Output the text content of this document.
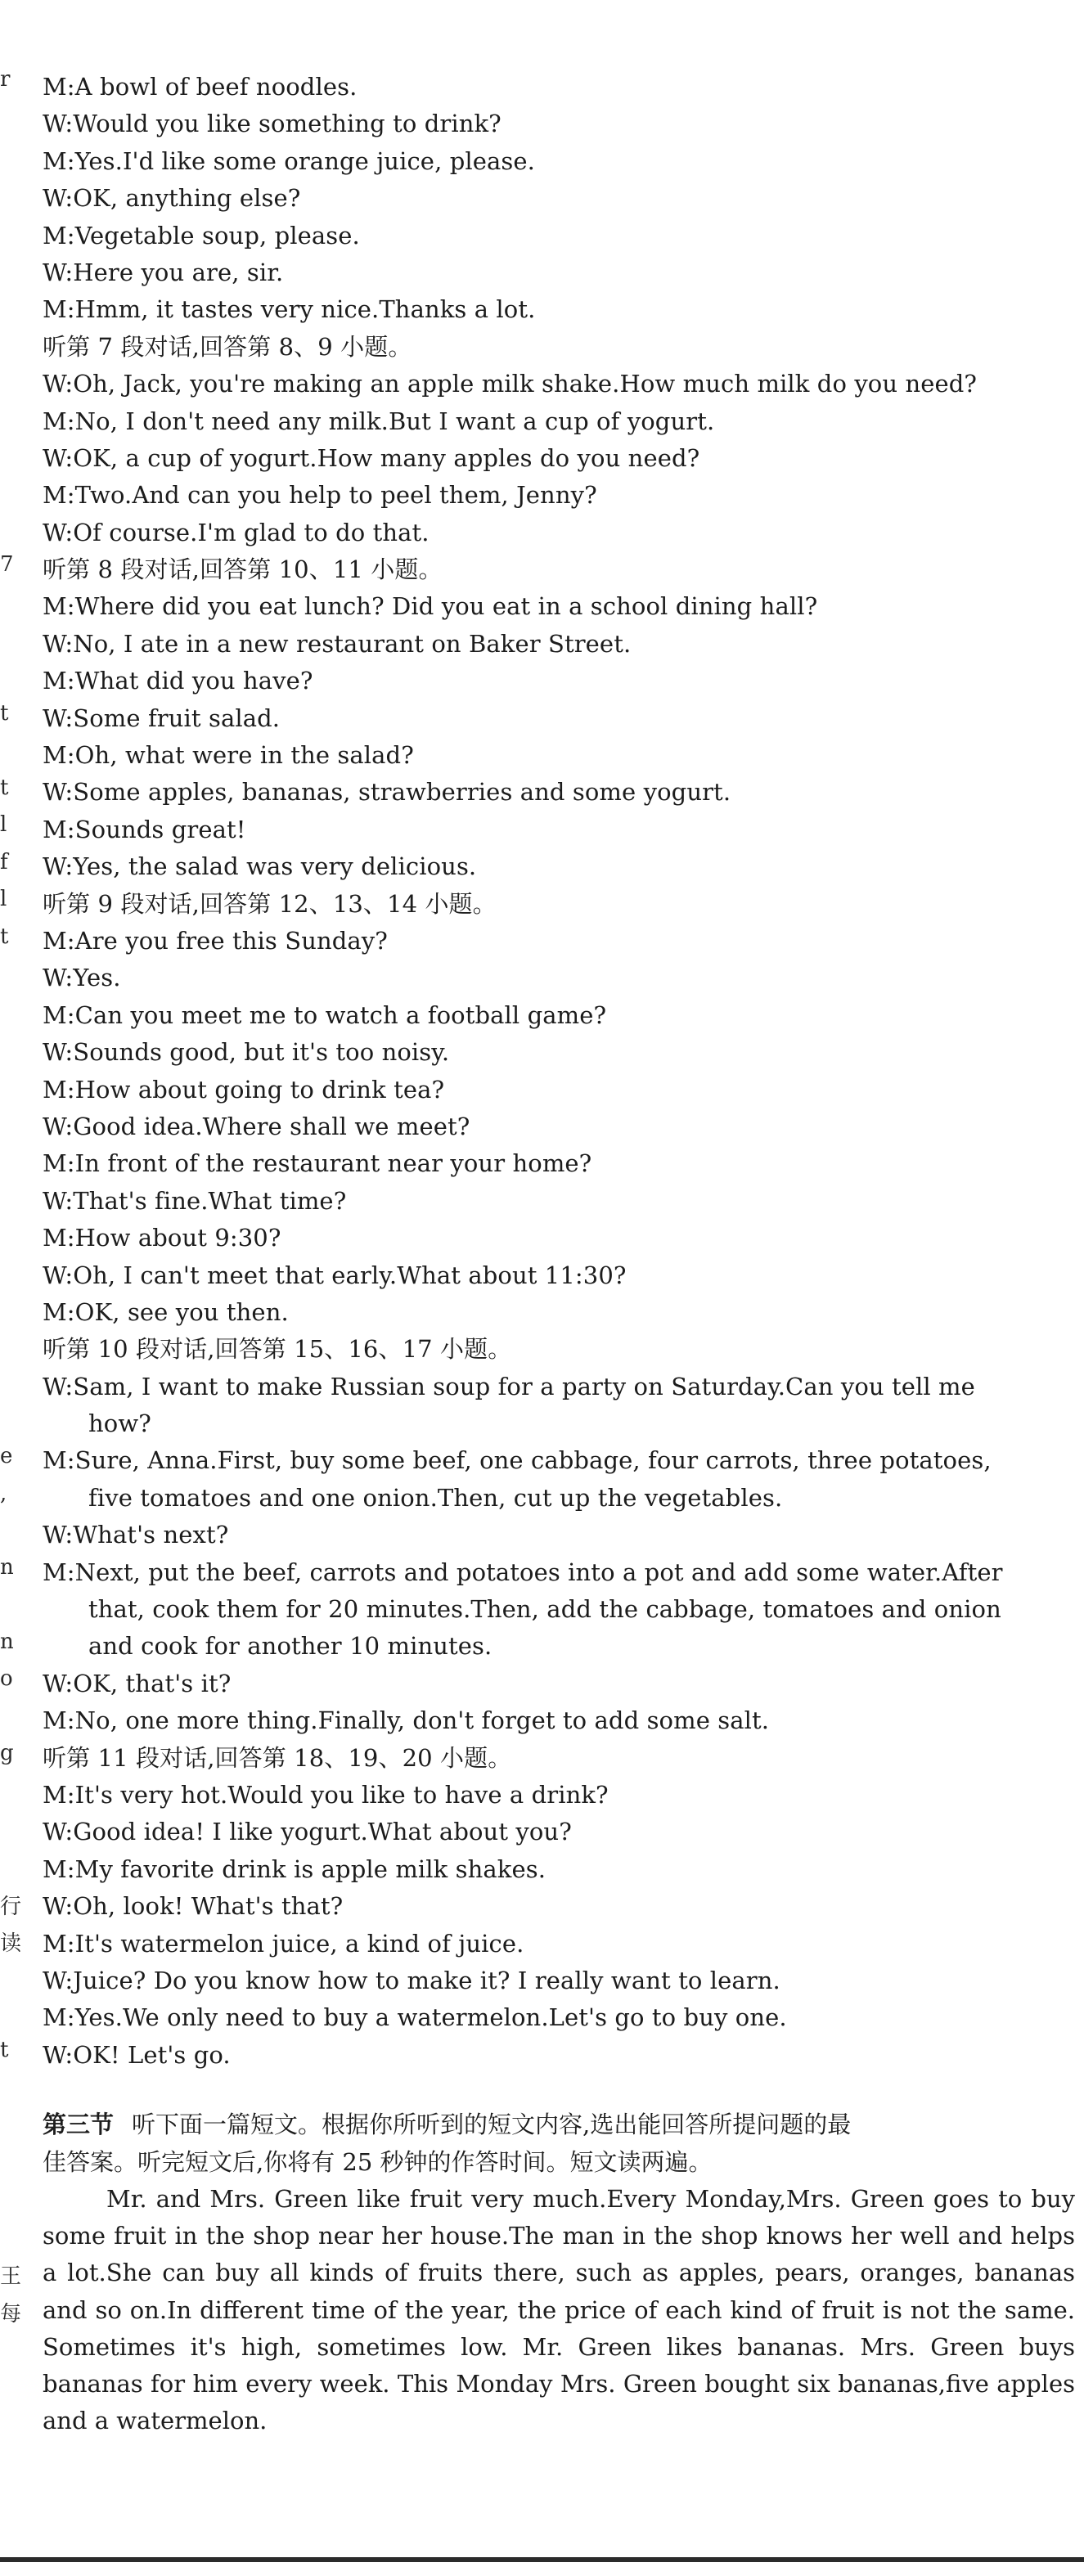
r
7
t
t
l
f
l
t
e
,
n
n
o
g
行
读
t
王
每
M:A bowl of beef noodles.
W:Would you like something to drink?
M:Yes.I'd like some orange juice, please.
W:OK, anything else?
M:Vegetable soup, please.
W:Here you are, sir.
M:Hmm, it tastes very nice.Thanks a lot.
听第 7 段对话,回答第 8、9 小题。
W:Oh, Jack, you're making an apple milk shake.How much milk do you need?
M:No, I don't need any milk.But I want a cup of yogurt.
W:OK, a cup of yogurt.How many apples do you need?
M:Two.And can you help to peel them, Jenny?
W:Of course.I'm glad to do that.
听第 8 段对话,回答第 10、11 小题。
M:Where did you eat lunch? Did you eat in a school dining hall?
W:No, I ate in a new restaurant on Baker Street.
M:What did you have?
W:Some fruit salad.
M:Oh, what were in the salad?
W:Some apples, bananas, strawberries and some yogurt.
M:Sounds great!
W:Yes, the salad was very delicious.
听第 9 段对话,回答第 12、13、14 小题。
M:Are you free this Sunday?
W:Yes.
M:Can you meet me to watch a football game?
W:Sounds good, but it's too noisy.
M:How about going to drink tea?
W:Good idea.Where shall we meet?
M:In front of the restaurant near your home?
W:That's fine.What time?
M:How about 9:30?
W:Oh, I can't meet that early.What about 11:30?
M:OK, see you then.
听第 10 段对话,回答第 15、16、17 小题。
W:Sam, I want to make Russian soup for a party on Saturday.Can you tell me
how?
M:Sure, Anna.First, buy some beef, one cabbage, four carrots, three potatoes,
five tomatoes and one onion.Then, cut up the vegetables.
W:What's next?
M:Next, put the beef, carrots and potatoes into a pot and add some water.After
that, cook them for 20 minutes.Then, add the cabbage, tomatoes and onion
and cook for another 10 minutes.
W:OK, that's it?
M:No, one more thing.Finally, don't forget to add some salt.
听第 11 段对话,回答第 18、19、20 小题。
M:It's very hot.Would you like to have a drink?
W:Good idea! I like yogurt.What about you?
M:My favorite drink is apple milk shakes.
W:Oh, look! What's that?
M:It's watermelon juice, a kind of juice.
W:Juice? Do you know how to make it? I really want to learn.
M:Yes.We only need to buy a watermelon.Let's go to buy one.
W:OK! Let's go.
第三节 听下面一篇短文。根据你所听到的短文内容,选出能回答所提问题的最
佳答案。听完短文后,你将有 25 秒钟的作答时间。短文读两遍。

Mr. and Mrs. Green like fruit very much.Every Monday,Mrs. Green goes to buy some fruit in the shop near her house.The man in the shop knows her well and helps a lot.She can buy all kinds of fruits there, such as apples, pears, oranges, bananas and so on.In different time of the year, the price of each kind of fruit is not the same. Sometimes it's high, sometimes low. Mr. Green likes bananas. Mrs. Green buys bananas for him every week. This Monday Mrs. Green bought six bananas,five apples and a watermelon.
